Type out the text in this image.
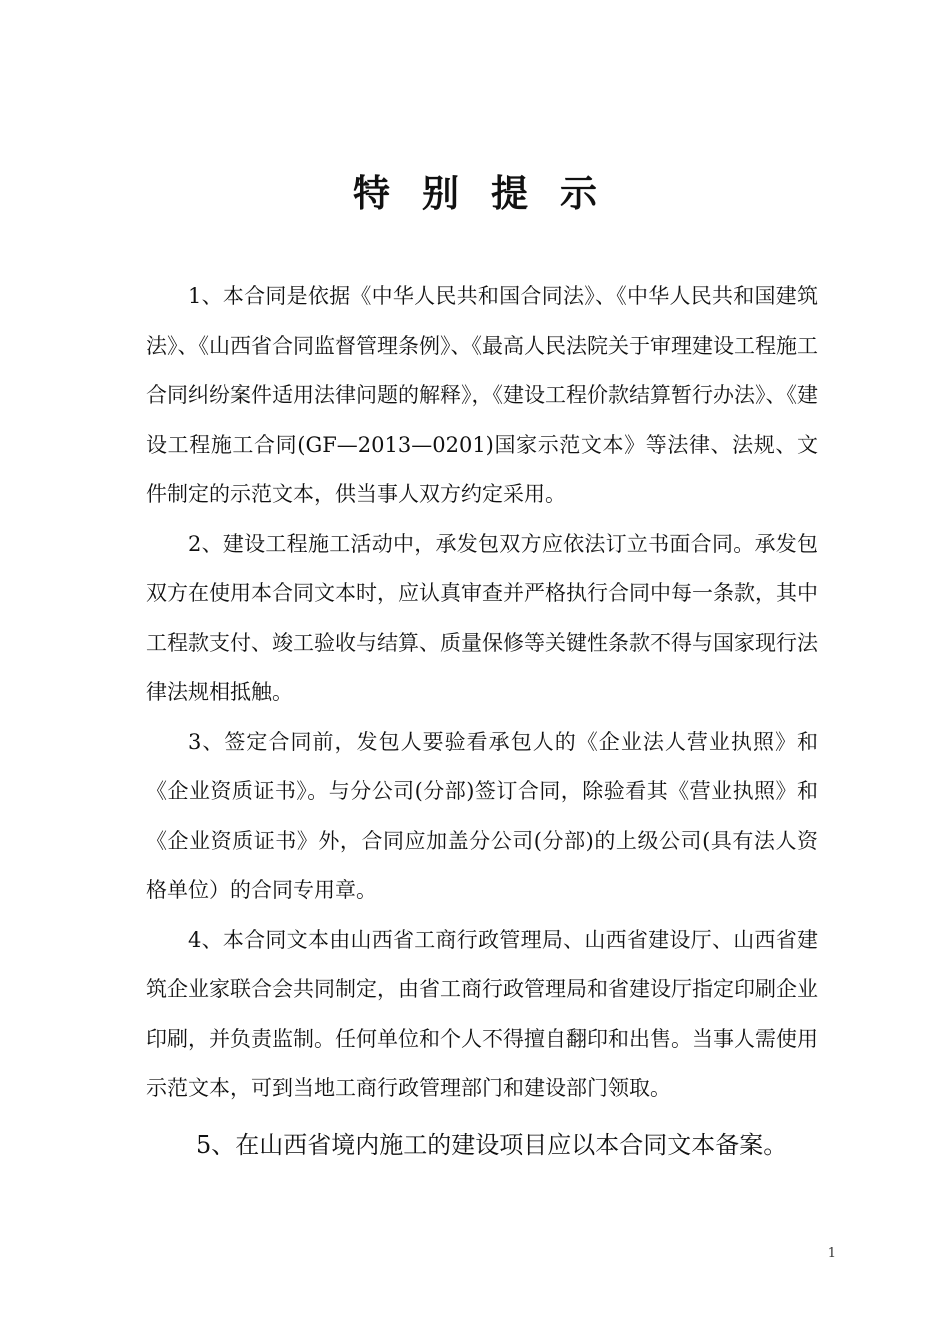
特别提示

1、本合同是依据《中华人民共和国合同法》、《中华人民共和国建筑法》、《山西省合同监督管理条例》、《最高人民法院关于审理建设工程施工合同纠纷案件适用法律问题的解释》，《建设工程价款结算暂行办法》、《建设工程施工合同(GF—2013—0201)国家示范文本》等法律、法规、文件制定的示范文本，供当事人双方约定采用。

2、建设工程施工活动中，承发包双方应依法订立书面合同。承发包双方在使用本合同文本时，应认真审查并严格执行合同中每一条款，其中工程款支付、竣工验收与结算、质量保修等关键性条款不得与国家现行法律法规相抵触。

3、签定合同前，发包人要验看承包人的《企业法人营业执照》和《企业资质证书》。与分公司(分部)签订合同，除验看其《营业执照》和《企业资质证书》外，合同应加盖分公司(分部)的上级公司(具有法人资格单位）的合同专用章。

4、本合同文本由山西省工商行政管理局、山西省建设厅、山西省建筑企业家联合会共同制定，由省工商行政管理局和省建设厅指定印刷企业印刷，并负责监制。任何单位和个人不得擅自翻印和出售。当事人需使用示范文本，可到当地工商行政管理部门和建设部门领取。

5、在山西省境内施工的建设项目应以本合同文本备案。

1
